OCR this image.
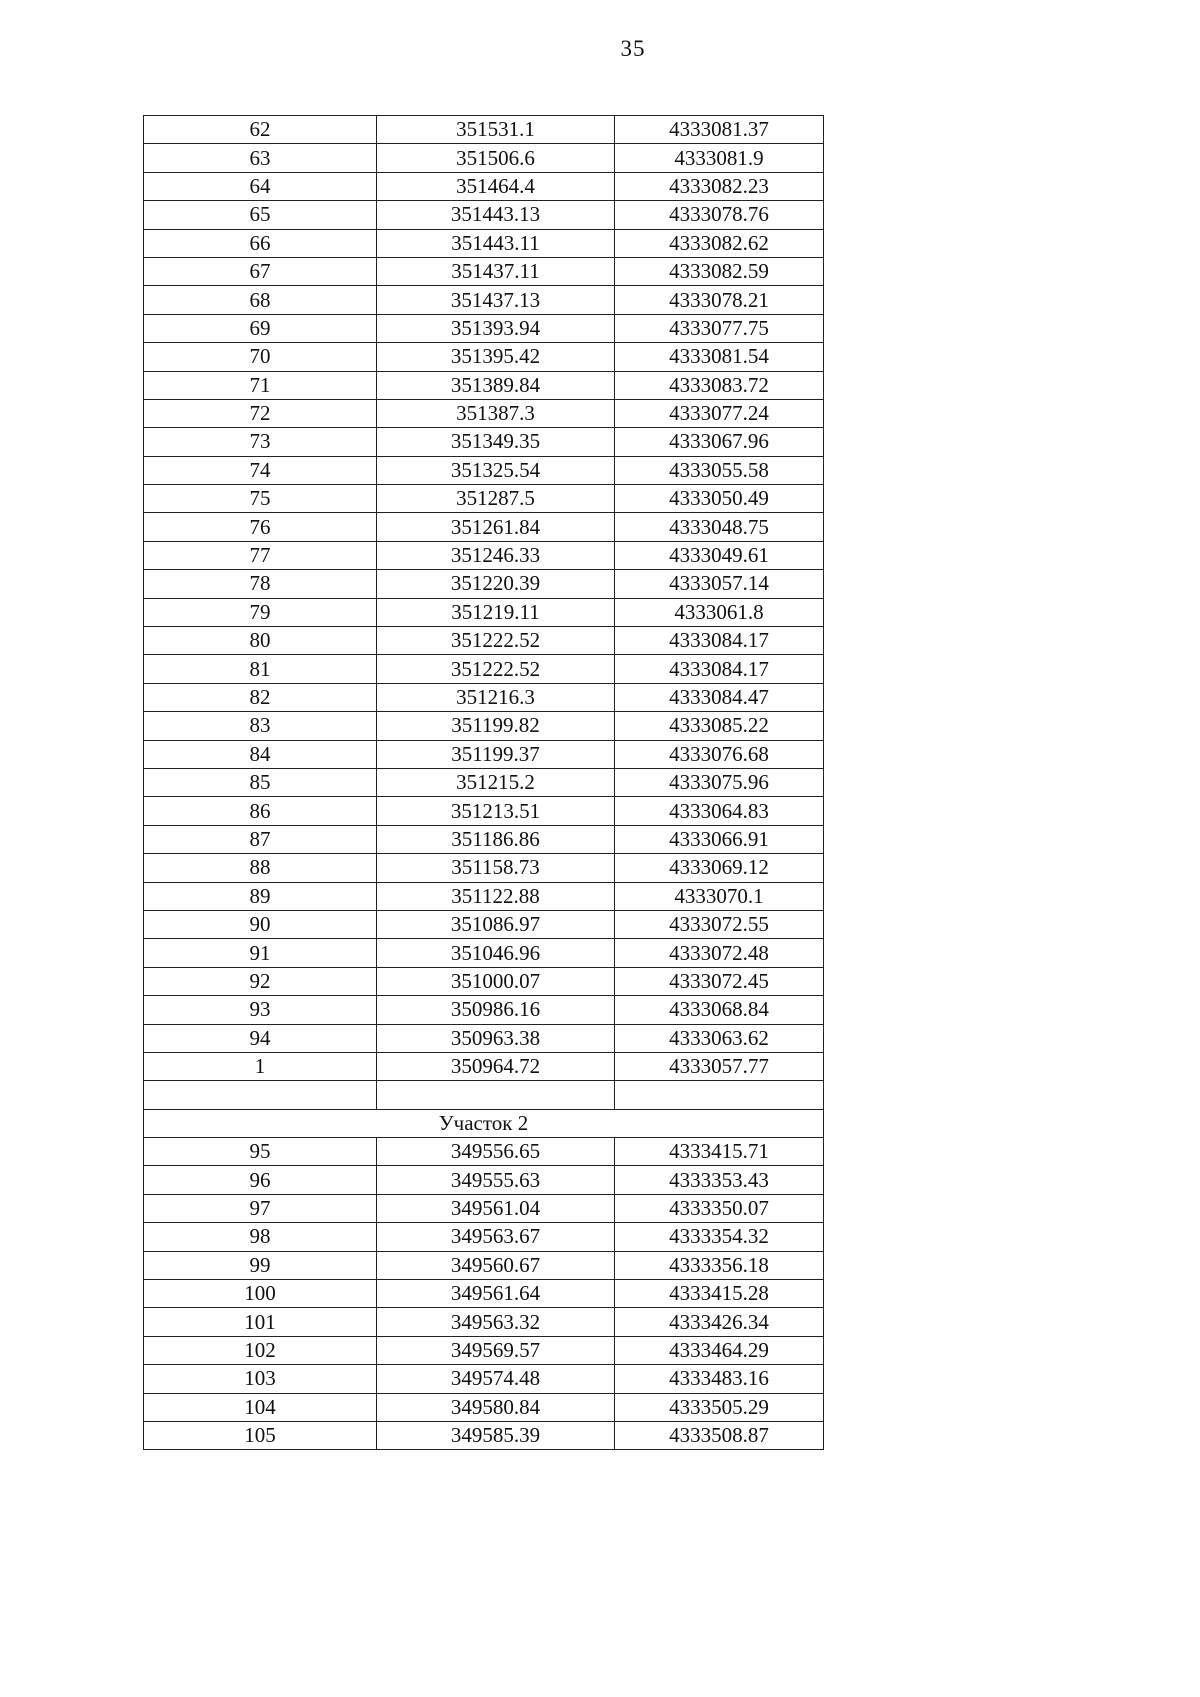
35
62	351531.1	4333081.37
63	351506.6	4333081.9
64	351464.4	4333082.23
65	351443.13	4333078.76
66	351443.11	4333082.62
67	351437.11	4333082.59
68	351437.13	4333078.21
69	351393.94	4333077.75
70	351395.42	4333081.54
71	351389.84	4333083.72
72	351387.3	4333077.24
73	351349.35	4333067.96
74	351325.54	4333055.58
75	351287.5	4333050.49
76	351261.84	4333048.75
77	351246.33	4333049.61
78	351220.39	4333057.14
79	351219.11	4333061.8
80	351222.52	4333084.17
81	351222.52	4333084.17
82	351216.3	4333084.47
83	351199.82	4333085.22
84	351199.37	4333076.68
85	351215.2	4333075.96
86	351213.51	4333064.83
87	351186.86	4333066.91
88	351158.73	4333069.12
89	351122.88	4333070.1
90	351086.97	4333072.55
91	351046.96	4333072.48
92	351000.07	4333072.45
93	350986.16	4333068.84
94	350963.38	4333063.62
1	350964.72	4333057.77

Участок 2		
95	349556.65	4333415.71
96	349555.63	4333353.43
97	349561.04	4333350.07
98	349563.67	4333354.32
99	349560.67	4333356.18
100	349561.64	4333415.28
101	349563.32	4333426.34
102	349569.57	4333464.29
103	349574.48	4333483.16
104	349580.84	4333505.29
105	349585.39	4333508.87
